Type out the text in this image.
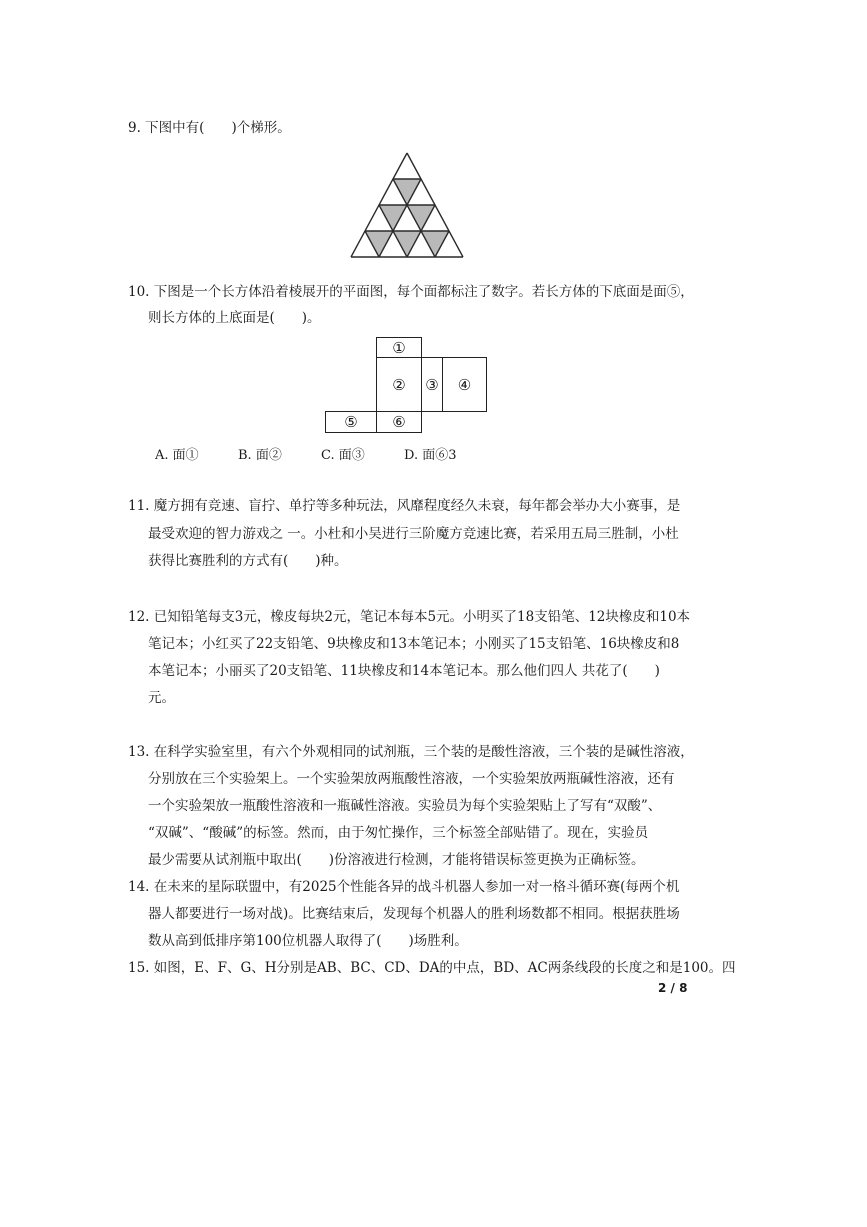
9. 下图中有(　　)个梯形。
10. 下图是一个长方体沿着棱展开的平面图，每个面都标注了数字。若长方体的下底面是面⑤，
则长方体的上底面是(　　)。
①
②	③	④
⑤	⑥
A. 面①	B. 面②	C. 面③	D. 面⑥3
11. 魔方拥有竞速、盲拧、单拧等多种玩法，风靡程度经久未衰，每年都会举办大小赛事，是
最受欢迎的智力游戏之 一。小杜和小吴进行三阶魔方竞速比赛，若采用五局三胜制，小杜
获得比赛胜利的方式有(　　)种。
12. 已知铅笔每支3元，橡皮每块2元，笔记本每本5元。小明买了18支铅笔、12块橡皮和10本
笔记本；小红买了22支铅笔、9块橡皮和13本笔记本；小刚买了15支铅笔、16块橡皮和8
本笔记本；小丽买了20支铅笔、11块橡皮和14本笔记本。那么他们四人 共花了(　　)
元。
13. 在科学实验室里，有六个外观相同的试剂瓶，三个装的是酸性溶液，三个装的是碱性溶液，
分别放在三个实验架上。一个实验架放两瓶酸性溶液，一个实验架放两瓶碱性溶液，还有
一个实验架放一瓶酸性溶液和一瓶碱性溶液。实验员为每个实验架贴上了写有“双酸”、
“双碱”、“酸碱”的标签。然而，由于匆忙操作，三个标签全部贴错了。现在，实验员
最少需要从试剂瓶中取出(　　)份溶液进行检测，才能将错误标签更换为正确标签。
14. 在未来的星际联盟中，有2025个性能各异的战斗机器人参加一对一格斗循环赛(每两个机
器人都要进行一场对战)。比赛结束后，发现每个机器人的胜利场数都不相同。根据获胜场
数从高到低排序第100位机器人取得了(　　)场胜利。
15. 如图，E、F、G、H分别是AB、BC、CD、DA的中点，BD、AC两条线段的长度之和是100。四
2 / 8
